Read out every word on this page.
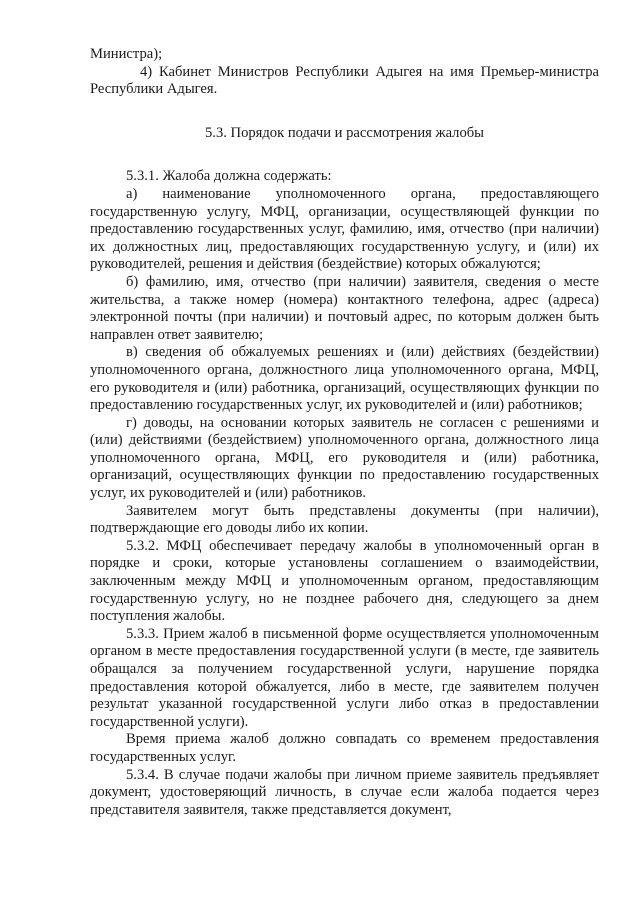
Министра);

4) Кабинет Министров Республики Адыгея на имя Премьер-министра Республики Адыгея.

5.3. Порядок подачи и рассмотрения жалобы

5.3.1. Жалоба должна содержать:

а) наименование уполномоченного органа, предоставляющего государственную услугу, МФЦ, организации, осуществляющей функции по предоставлению государственных услуг, фамилию, имя, отчество (при наличии) их должностных лиц, предоставляющих государственную услугу, и (или) их руководителей, решения и действия (бездействие) которых обжалуются;

б) фамилию, имя, отчество (при наличии) заявителя, сведения о месте жительства, а также номер (номера) контактного телефона, адрес (адреса) электронной почты (при наличии) и почтовый адрес, по которым должен быть направлен ответ заявителю;

в) сведения об обжалуемых решениях и (или) действиях (бездействии) уполномоченного органа, должностного лица уполномоченного органа, МФЦ, его руководителя и (или) работника, организаций, осуществляющих функции по предоставлению государственных услуг, их руководителей и (или) работников;

г) доводы, на основании которых заявитель не согласен с решениями и (или) действиями (бездействием) уполномоченного органа, должностного лица уполномоченного органа, МФЦ, его руководителя и (или) работника, организаций, осуществляющих функции по предоставлению государственных услуг, их руководителей и (или) работников.

Заявителем могут быть представлены документы (при наличии), подтверждающие его доводы либо их копии.

5.3.2. МФЦ обеспечивает передачу жалобы в уполномоченный орган в порядке и сроки, которые установлены соглашением о взаимодействии, заключенным между МФЦ и уполномоченным органом, предоставляющим государственную услугу, но не позднее рабочего дня, следующего за днем поступления жалобы.

5.3.3. Прием жалоб в письменной форме осуществляется уполномоченным органом в месте предоставления государственной услуги (в месте, где заявитель обращался за получением государственной услуги, нарушение порядка предоставления которой обжалуется, либо в месте, где заявителем получен результат указанной государственной услуги либо отказ в предоставлении государственной услуги).

Время приема жалоб должно совпадать со временем предоставления государственных услуг.

5.3.4. В случае подачи жалобы при личном приеме заявитель предъявляет документ, удостоверяющий личность, в случае если жалоба подается через представителя заявителя, также представляется документ,
